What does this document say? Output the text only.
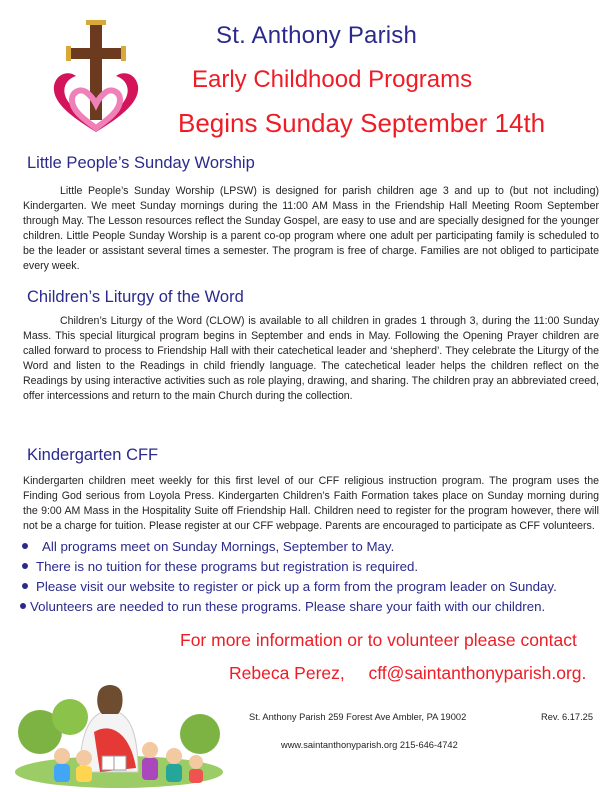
St. Anthony Parish
Early Childhood Programs
Begins Sunday September 14th
Little People’s Sunday Worship
Little People’s Sunday Worship (LPSW) is designed for parish children age 3 and up to (but not including) Kindergarten. We meet Sunday mornings during the 11:00 AM Mass in the Friendship Hall Meeting Room September through May. The Lesson resources reflect the Sunday Gospel, are easy to use and are specially designed for the younger children. Little People Sunday Worship is a parent co-op program where one adult per participating family is scheduled to be the leader or assistant several times a semester. The program is free of charge. Families are not obliged to participate every week.
Children’s Liturgy of the Word
Children’s Liturgy of the Word (CLOW) is available to all children in grades 1 through 3, during the 11:00 Sunday Mass. This special liturgical program begins in September and ends in May. Following the Opening Prayer children are called forward to process to Friendship Hall with their catechetical leader and ‘shepherd’. They celebrate the Liturgy of the Word and listen to the Readings in child friendly language. The catechetical leader helps the children reflect on the Readings by using interactive activities such as role playing, drawing, and sharing. The children pray an abbreviated creed, offer intercessions and return to the main Church during the collection.
Kindergarten CFF
Kindergarten children meet weekly for this first level of our CFF religious instruction program. The program uses the Finding God serious from Loyola Press. Kindergarten Children’s Faith Formation takes place on Sunday morning during the 9:00 AM Mass in the Hospitality Suite off Friendship Hall. Children need to register for the program however, there will not be a charge for tuition. Please register at our CFF webpage. Parents are encouraged to participate as CFF volunteers.
All programs meet on Sunday Mornings, September to May.
There is no tuition for these programs but registration is required.
Please visit our website to register or pick up a form from the program leader on Sunday.
Volunteers are needed to run these programs. Please share your faith with our children.
For more information or to volunteer please contact
Rebeca Perez, cff@saintanthonyparish.org.
St. Anthony Parish 259 Forest Ave Ambler, PA 19002	Rev. 6.17.25
www.saintanthonyparish.org 215-646-4742
